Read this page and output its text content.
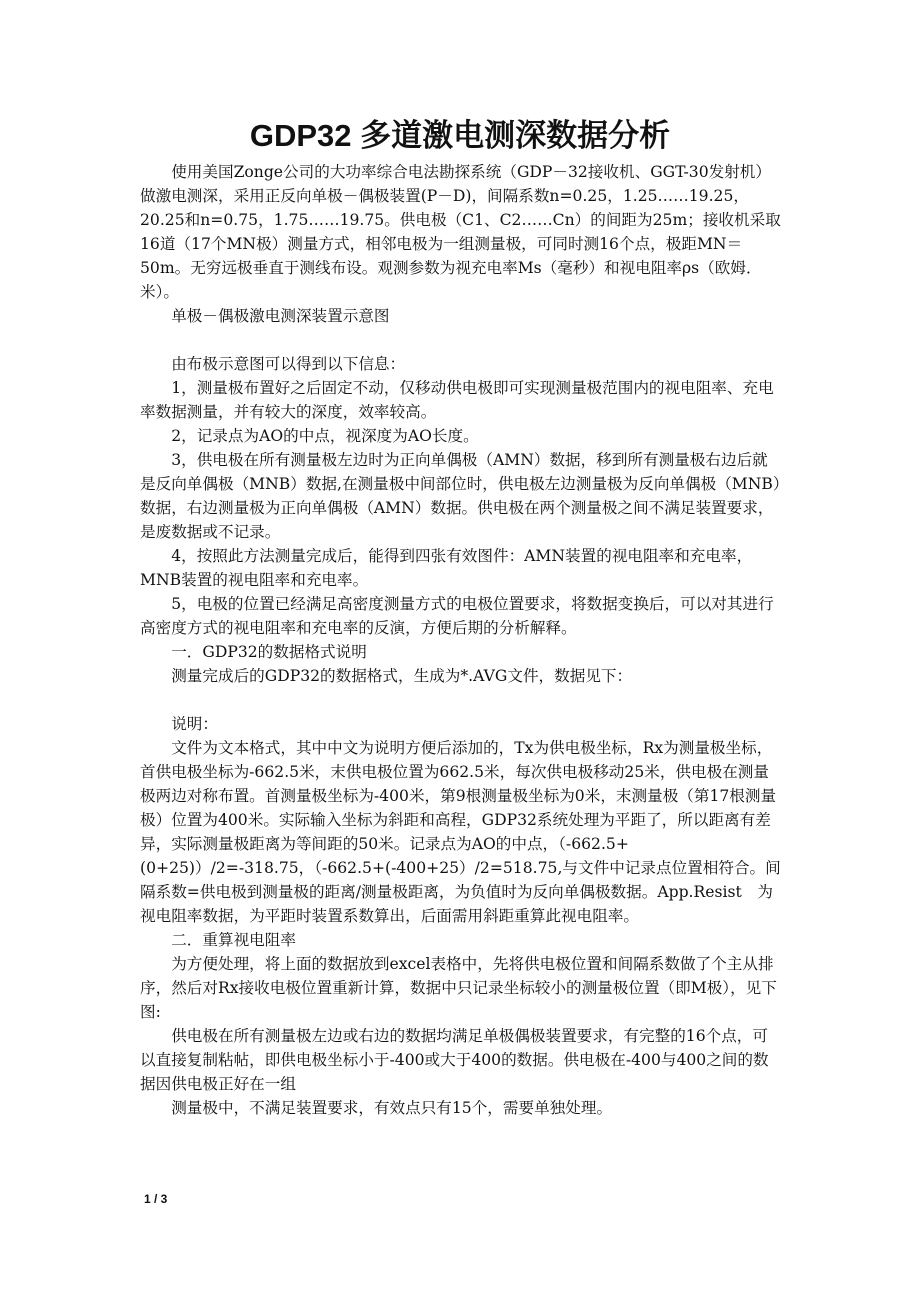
GDP32 多道激电测深数据分析

使用美国Zonge公司的大功率综合电法勘探系统（GDP－32接收机、GGT-30发射机）做激电测深，采用正反向单极－偶极装置(P－D)，间隔系数n=0.25，1.25……19.25，20.25和n=0.75，1.75……19.75。供电极（C1、C2……Cn）的间距为25m；接收机采取16道（17个MN极）测量方式，相邻电极为一组测量极，可同时测16个点，极距MN＝50m。无穷远极垂直于测线布设。观测参数为视充电率Ms（毫秒）和视电阻率ρs（欧姆．米）。

单极－偶极激电测深装置示意图

由布极示意图可以得到以下信息：

1，测量极布置好之后固定不动，仅移动供电极即可实现测量极范围内的视电阻率、充电率数据测量，并有较大的深度，效率较高。

2，记录点为AO的中点，视深度为AO长度。

3，供电极在所有测量极左边时为正向单偶极（AMN）数据，移到所有测量极右边后就是反向单偶极（MNB）数据,在测量极中间部位时，供电极左边测量极为反向单偶极（MNB）数据，右边测量极为正向单偶极（AMN）数据。供电极在两个测量极之间不满足装置要求，是废数据或不记录。

4，按照此方法测量完成后，能得到四张有效图件：AMN装置的视电阻率和充电率，MNB装置的视电阻率和充电率。

5，电极的位置已经满足高密度测量方式的电极位置要求，将数据变换后，可以对其进行高密度方式的视电阻率和充电率的反演，方便后期的分析解释。

一．GDP32的数据格式说明

测量完成后的GDP32的数据格式，生成为*.AVG文件，数据见下：

说明：

文件为文本格式，其中中文为说明方便后添加的，Tx为供电极坐标，Rx为测量极坐标，首供电极坐标为-662.5米，末供电极位置为662.5米，每次供电极移动25米，供电极在测量极两边对称布置。首测量极坐标为-400米，第9根测量极坐标为0米，末测量极（第17根测量极）位置为400米。实际输入坐标为斜距和高程，GDP32系统处理为平距了，所以距离有差异，实际测量极距离为等间距的50米。记录点为AO的中点，（-662.5+(0+25)）/2=-318.75，（-662.5+(-400+25）/2=518.75,与文件中记录点位置相符合。间隔系数=供电极到测量极的距离/测量极距离，为负值时为反向单偶极数据。App.Resist　为视电阻率数据，为平距时装置系数算出，后面需用斜距重算此视电阻率。

二．重算视电阻率

为方便处理，将上面的数据放到excel表格中，先将供电极位置和间隔系数做了个主从排序，然后对Rx接收电极位置重新计算，数据中只记录坐标较小的测量极位置（即M极），见下图:

供电极在所有测量极左边或右边的数据均满足单极偶极装置要求，有完整的16个点，可以直接复制粘帖，即供电极坐标小于-400或大于400的数据。供电极在-400与400之间的数据因供电极正好在一组

测量极中，不满足装置要求，有效点只有15个，需要单独处理。

1 / 3
